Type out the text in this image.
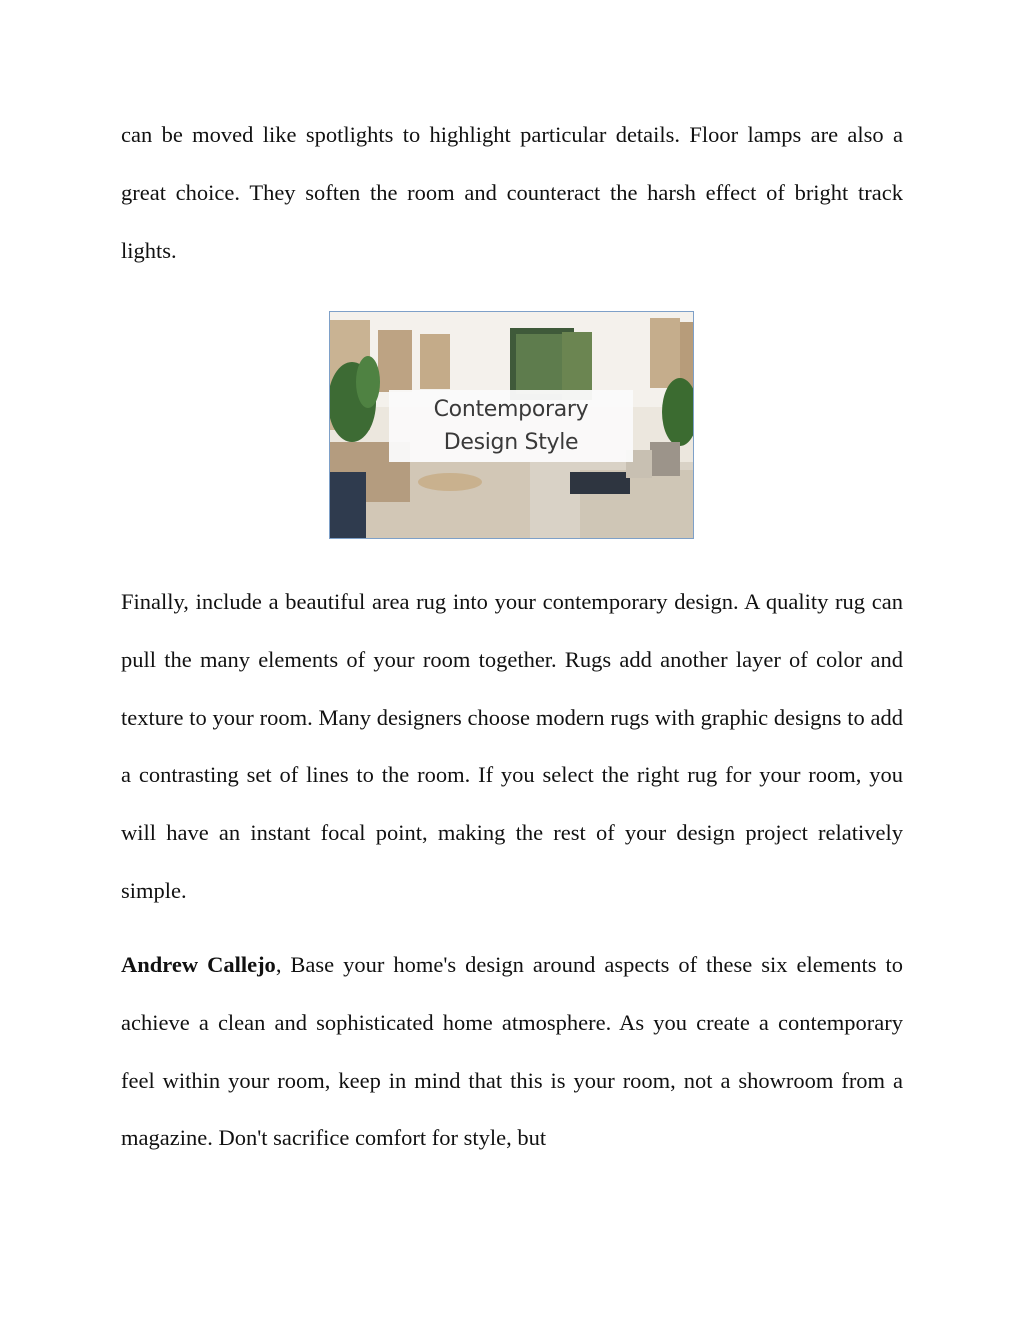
can be moved like spotlights to highlight particular details. Floor lamps are also a great choice. They soften the room and counteract the harsh effect of bright track lights.

Contemporary
Design Style

Finally, include a beautiful area rug into your contemporary design. A quality rug can pull the many elements of your room together. Rugs add another layer of color and texture to your room. Many designers choose modern rugs with graphic designs to add a contrasting set of lines to the room. If you select the right rug for your room, you will have an instant focal point, making the rest of your design project relatively simple.

Andrew Callejo, Base your home's design around aspects of these six elements to achieve a clean and sophisticated home atmosphere. As you create a contemporary feel within your room, keep in mind that this is your room, not a showroom from a magazine. Don't sacrifice comfort for style, but
